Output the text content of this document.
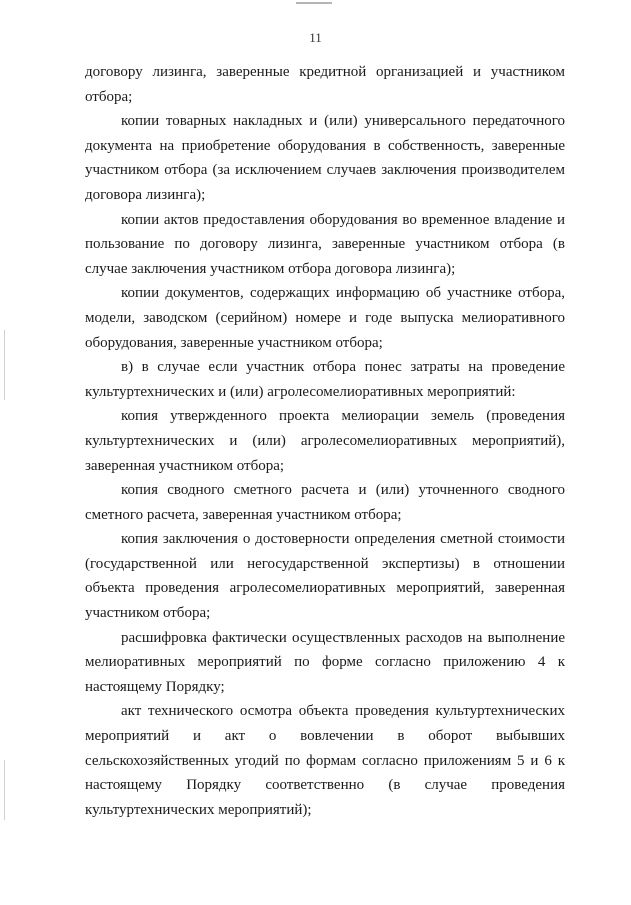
11

договору лизинга, заверенные кредитной организацией и участником отбора;

копии товарных накладных и (или) универсального передаточного документа на приобретение оборудования в собственность, заверенные участником отбора (за исключением случаев заключения производителем договора лизинга);

копии актов предоставления оборудования во временное владение и пользование по договору лизинга, заверенные участником отбора (в случае заключения участником отбора договора лизинга);

копии документов, содержащих информацию об участнике отбора, модели, заводском (серийном) номере и годе выпуска мелиоративного оборудования, заверенные участником отбора;

в) в случае если участник отбора понес затраты на проведение культуртехнических и (или) агролесомелиоративных мероприятий:

копия утвержденного проекта мелиорации земель (проведения культуртехнических и (или) агролесомелиоративных мероприятий), заверенная участником отбора;

копия сводного сметного расчета и (или) уточненного сводного сметного расчета, заверенная участником отбора;

копия заключения о достоверности определения сметной стоимости (государственной или негосударственной экспертизы) в отношении объекта проведения агролесомелиоративных мероприятий, заверенная участником отбора;

расшифровка фактически осуществленных расходов на выполнение мелиоративных мероприятий по форме согласно приложению 4 к настоящему Порядку;

акт технического осмотра объекта проведения культуртехнических мероприятий и акт о вовлечении в оборот выбывших сельскохозяйственных угодий по формам согласно приложениям 5 и 6 к настоящему Порядку соответственно (в случае проведения культуртехнических мероприятий);
